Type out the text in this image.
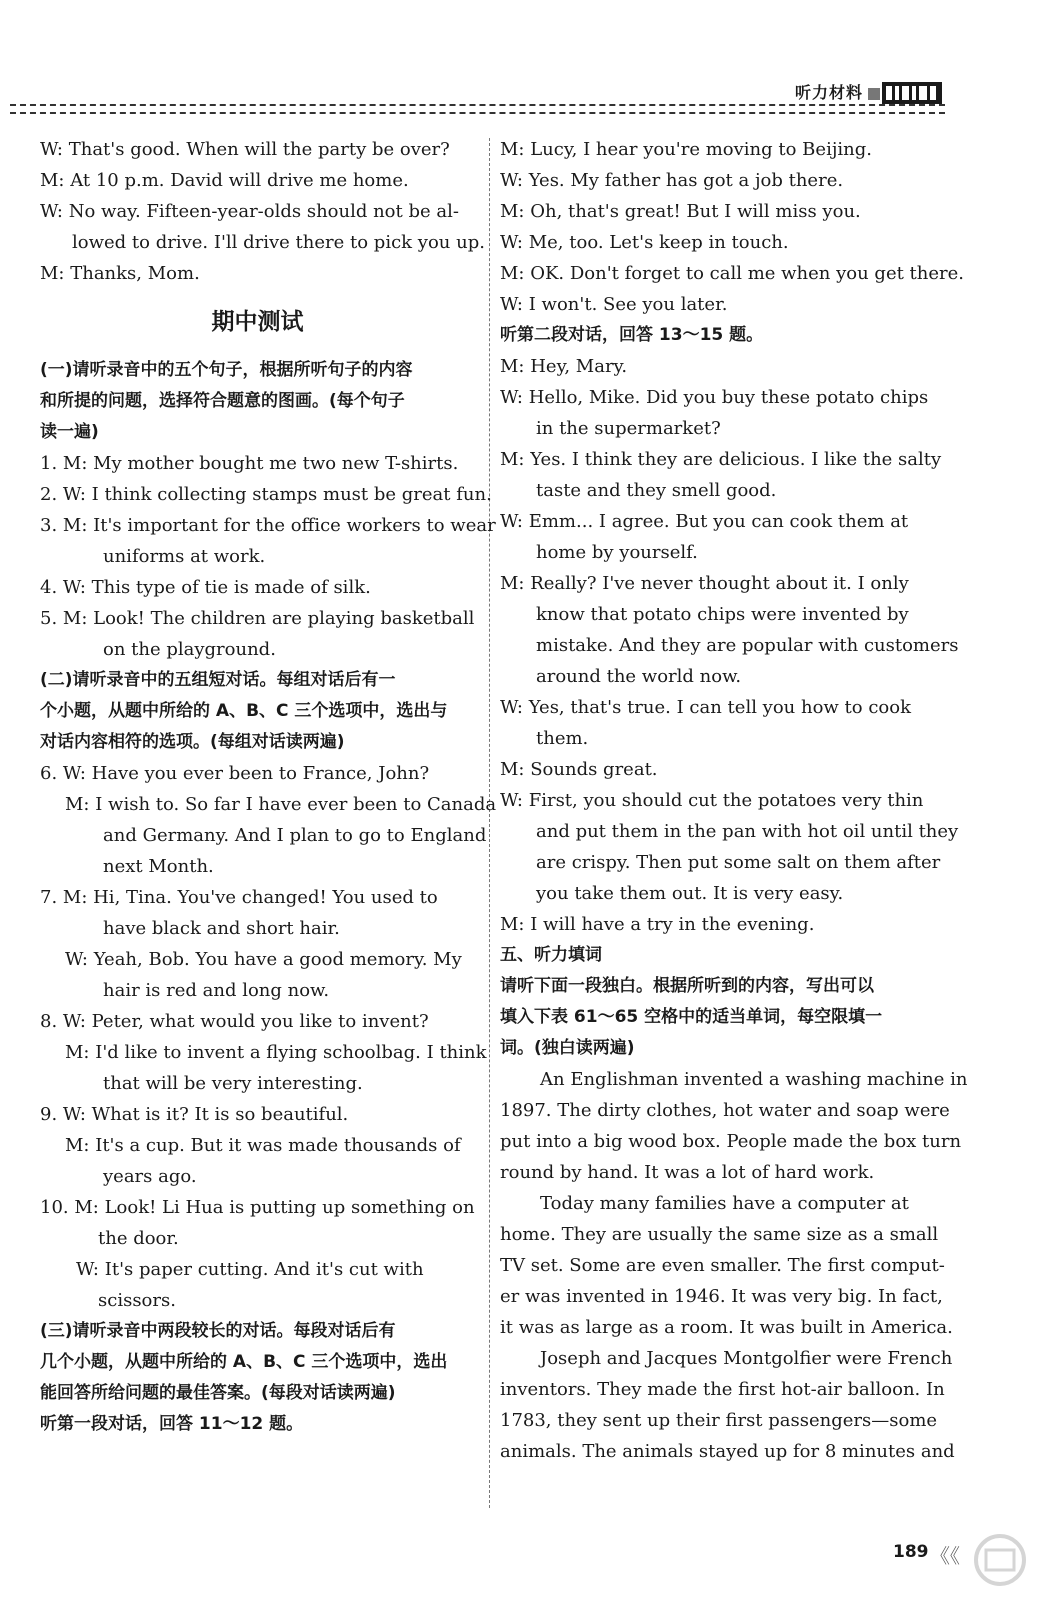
听力材料
W: That's good. When will the party be over?
M: At 10 p.m. David will drive me home.
W: No way. Fifteen-year-olds should not be al-
lowed to drive. I'll drive there to pick you up.
M: Thanks, Mom.
期中测试
(一)请听录音中的五个句子，根据所听句子的内容
和所提的问题，选择符合题意的图画。(每个句子
读一遍)
1. M: My mother bought me two new T-shirts.
2. W: I think collecting stamps must be great fun.
3. M: It's important for the office workers to wear
uniforms at work.
4. W: This type of tie is made of silk.
5. M: Look! The children are playing basketball
on the playground.
(二)请听录音中的五组短对话。每组对话后有一
个小题，从题中所给的 A、B、C 三个选项中，选出与
对话内容相符的选项。(每组对话读两遍)
6. W: Have you ever been to France, John?
M: I wish to. So far I have ever been to Canada
and Germany. And I plan to go to England
next Month.
7. M: Hi, Tina. You've changed! You used to
have black and short hair.
W: Yeah, Bob. You have a good memory. My
hair is red and long now.
8. W: Peter, what would you like to invent?
M: I'd like to invent a flying schoolbag. I think
that will be very interesting.
9. W: What is it? It is so beautiful.
M: It's a cup. But it was made thousands of
years ago.
10. M: Look! Li Hua is putting up something on
the door.
W: It's paper cutting. And it's cut with
scissors.
(三)请听录音中两段较长的对话。每段对话后有
几个小题，从题中所给的 A、B、C 三个选项中，选出
能回答所给问题的最佳答案。(每段对话读两遍)
听第一段对话，回答 11～12 题。
M: Lucy, I hear you're moving to Beijing.
W: Yes. My father has got a job there.
M: Oh, that's great! But I will miss you.
W: Me, too. Let's keep in touch.
M: OK. Don't forget to call me when you get there.
W: I won't. See you later.
听第二段对话，回答 13～15 题。
M: Hey, Mary.
W: Hello, Mike. Did you buy these potato chips
in the supermarket?
M: Yes. I think they are delicious. I like the salty
taste and they smell good.
W: Emm... I agree. But you can cook them at
home by yourself.
M: Really? I've never thought about it. I only
know that potato chips were invented by
mistake. And they are popular with customers
around the world now.
W: Yes, that's true. I can tell you how to cook
them.
M: Sounds great.
W: First, you should cut the potatoes very thin
and put them in the pan with hot oil until they
are crispy. Then put some salt on them after
you take them out. It is very easy.
M: I will have a try in the evening.
五、听力填词
请听下面一段独白。根据所听到的内容，写出可以
填入下表 61～65 空格中的适当单词，每空限填一
词。(独白读两遍)
An Englishman invented a washing machine in
1897. The dirty clothes, hot water and soap were
put into a big wood box. People made the box turn
round by hand. It was a lot of hard work.
Today many families have a computer at
home. They are usually the same size as a small
TV set. Some are even smaller. The first comput-
er was invented in 1946. It was very big. In fact,
it was as large as a room. It was built in America.
Joseph and Jacques Montgolfier were French
inventors. They made the first hot-air balloon. In
1783, they sent up their first passengers—some
animals. The animals stayed up for 8 minutes and
189 《《
